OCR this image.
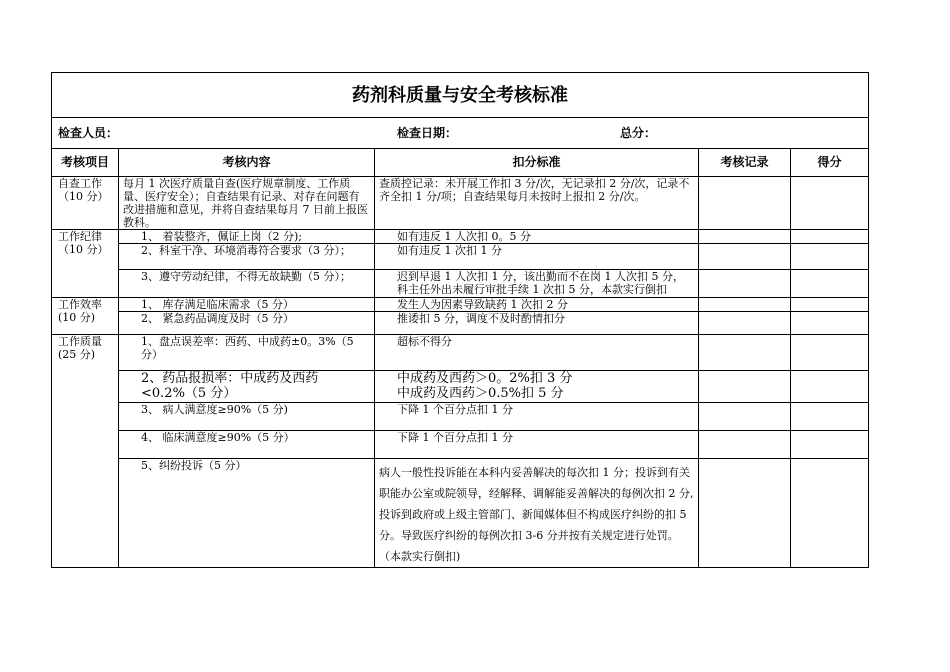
药剂科质量与安全考核标准				

检查人员： 检查日期： 总分：				

考核项目	考核内容	扣分标准	考核记录	得分
自查工作（10 分）	每月 1 次医疗质量自查(医疗规章制度、工作质量、医疗安全）；自查结果有记录、对存在问题有改进措施和意见，并将自查结果每月 7 日前上报医教科。	查质控记录：未开展工作扣 3 分/次，无记录扣 2 分/次，记录不齐全扣 1 分/项；自查结果每月未按时上报扣 2 分/次。		
工作纪律（10 分）	1、 着装整齐，佩证上岗（2 分);	如有违反 1 人次扣 0。5 分		
	2、科室干净、环境消毒符合要求（3 分）；	如有违反 1 次扣 1 分		
	3、遵守劳动纪律，不得无故缺勤（5 分）；	迟到早退 1 人次扣 1 分，该出勤而不在岗 1 人次扣 5 分，科主任外出未履行审批手续 1 次扣 5 分，本款实行倒扣		
工作效率 (10 分)	1、 库存满足临床需求（5 分）	发生人为因素导致缺药 1 次扣 2 分		
	2、 紧急药品调度及时（5 分）	推诿扣 5 分，调度不及时酌情扣分		
工作质量 (25 分)	1、盘点误差率：西药、中成药±0。3%（5 分）	超标不得分		
	2、药品报损率：中成药及西药<0.2%（5 分）	中成药及西药＞0。2%扣 3 分
中成药及西药＞0.5%扣 5 分		
	3、 病人满意度≥90%（5 分)	下降 1 个百分点扣 1 分		
	4、 临床满意度≥90%（5 分）	下降 1 个百分点扣 1 分		
	5、纠纷投诉（5 分）	病人一般性投诉能在本科内妥善解决的每次扣 1 分；投诉到有关职能办公室或院领导，经解释、调解能妥善解决的每例次扣 2 分,投诉到政府或上级主管部门、新闻媒体但不构成医疗纠纷的扣 5 分。导致医疗纠纷的每例次扣 3-6 分并按有关规定进行处罚。（本款实行倒扣)		
